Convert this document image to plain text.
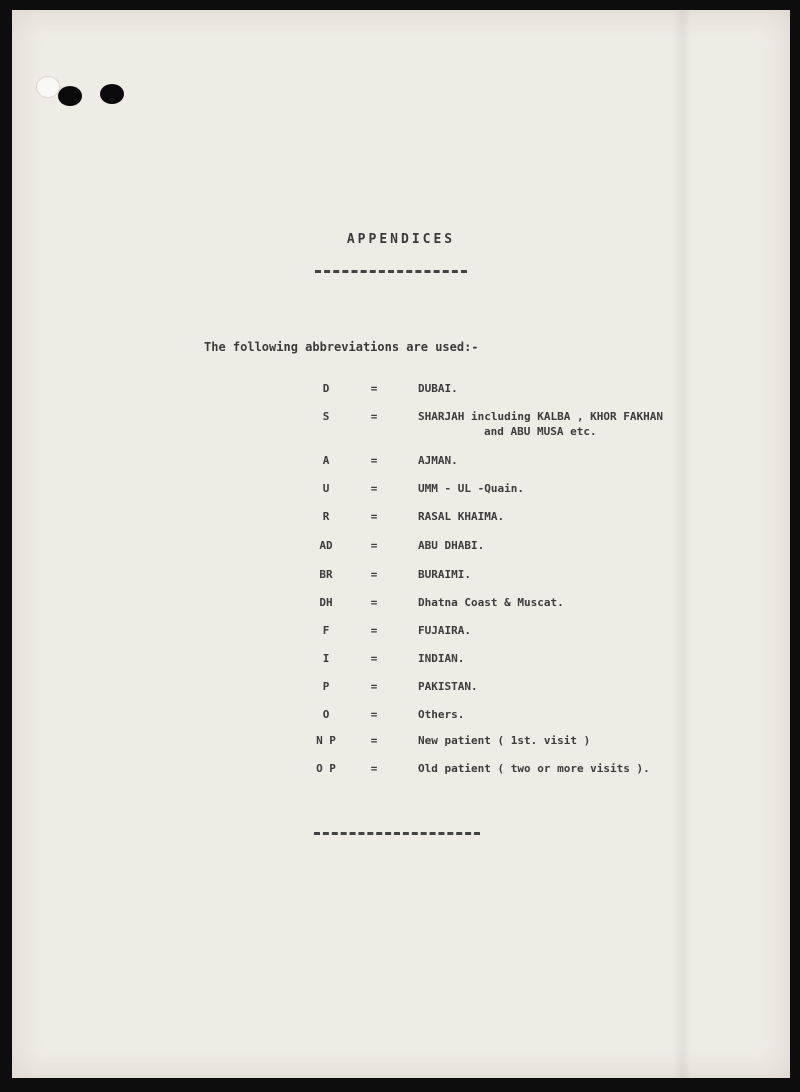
APPENDICES
The following abbreviations are used:-
D	=	DUBAI.
S	=	SHARJAH including KALBA , KHOR FAKHAN
and ABU MUSA etc.
A	=	AJMAN.
U	=	UMM - UL -Quain.
R	=	RASAL KHAIMA.
AD	=	ABU DHABI.
BR	=	BURAIMI.
DH	=	Dhatna Coast & Muscat.
F	=	FUJAIRA.
I	=	INDIAN.
P	=	PAKISTAN.
O	=	Others.
N P	=	New patient ( 1st. visit )
O P	=	Old patient ( two or more visits ).
